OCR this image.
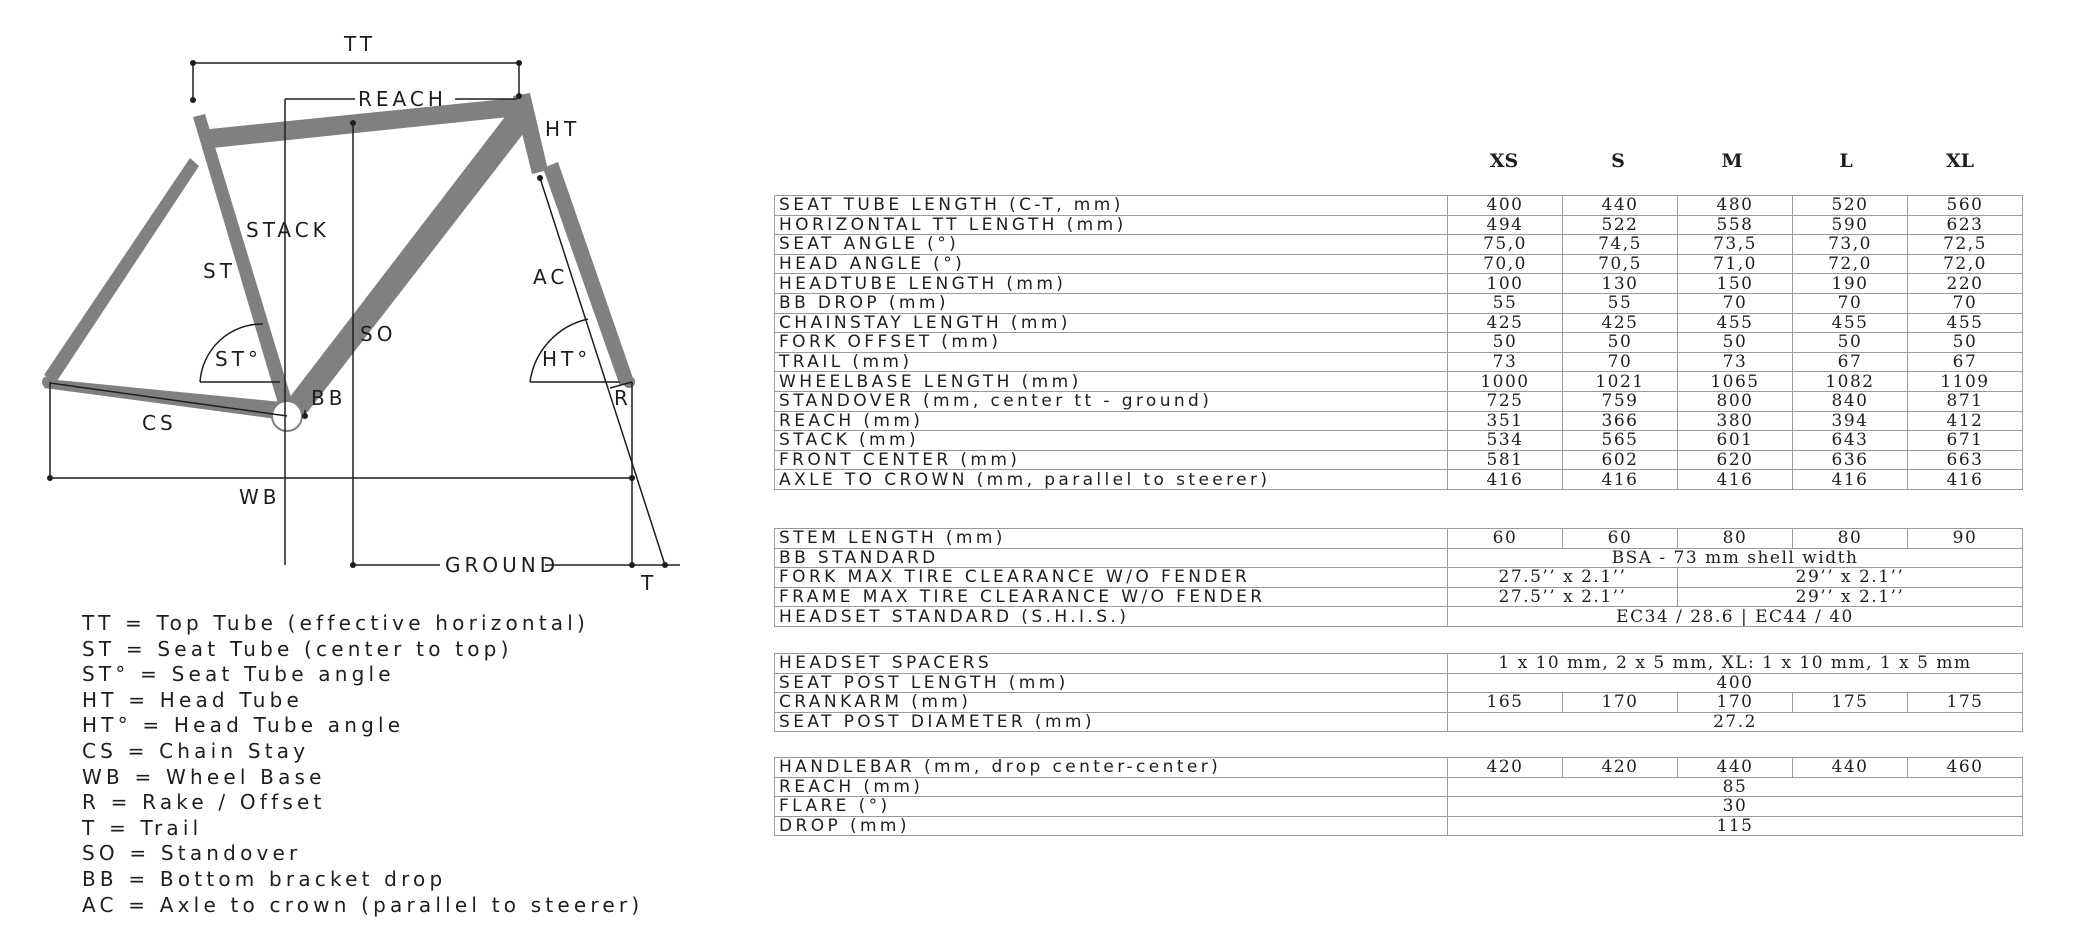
TT
REACH
HT
STACK
ST	AC
SO
ST°	HT°
BB	R
CS
WB
GROUND
T
TT = Top Tube (effective horizontal)
ST = Seat Tube (center to top)
ST° = Seat Tube angle
HT = Head Tube
HT° = Head Tube angle
CS = Chain Stay
WB = Wheel Base
R = Rake / Offset
T = Trail
SO = Standover
BB = Bottom bracket drop
AC = Axle to crown (parallel to steerer)
XS	S	M	L	XL
SEAT TUBE LENGTH (C-T, mm)	400	440	480	520	560
HORIZONTAL TT LENGTH (mm)	494	522	558	590	623
SEAT ANGLE (°)	75,0	74,5	73,5	73,0	72,5
HEAD ANGLE (°)	70,0	70,5	71,0	72,0	72,0
HEADTUBE LENGTH (mm)	100	130	150	190	220
BB DROP (mm)	55	55	70	70	70
CHAINSTAY LENGTH (mm)	425	425	455	455	455
FORK OFFSET (mm)	50	50	50	50	50
TRAIL (mm)	73	70	73	67	67
WHEELBASE LENGTH (mm)	1000	1021	1065	1082	1109
STANDOVER (mm, center tt - ground)	725	759	800	840	871
REACH (mm)	351	366	380	394	412
STACK (mm)	534	565	601	643	671
FRONT CENTER (mm)	581	602	620	636	663
AXLE TO CROWN (mm, parallel to steerer)	416	416	416	416	416
STEM LENGTH (mm)	60	60	80	80	90
BB STANDARD	BSA - 73 mm shell width				
FORK MAX TIRE CLEARANCE W/O FENDER	27.5’’ x 2.1’’		29’’ x 2.1’’		
FRAME MAX TIRE CLEARANCE W/O FENDER	27.5’’ x 2.1’’		29’’ x 2.1’’		
HEADSET STANDARD (S.H.I.S.)	EC34 / 28.6 | EC44 / 40				
HEADSET SPACERS	1 x 10 mm, 2 x 5 mm, XL: 1 x 10 mm, 1 x 5 mm				
SEAT POST LENGTH (mm)	400				
CRANKARM (mm)	165	170	170	175	175
SEAT POST DIAMETER (mm)	27.2				
HANDLEBAR (mm, drop center-center)	420	420	440	440	460
REACH (mm)	85				
FLARE (°)	30				
DROP (mm)	115				
